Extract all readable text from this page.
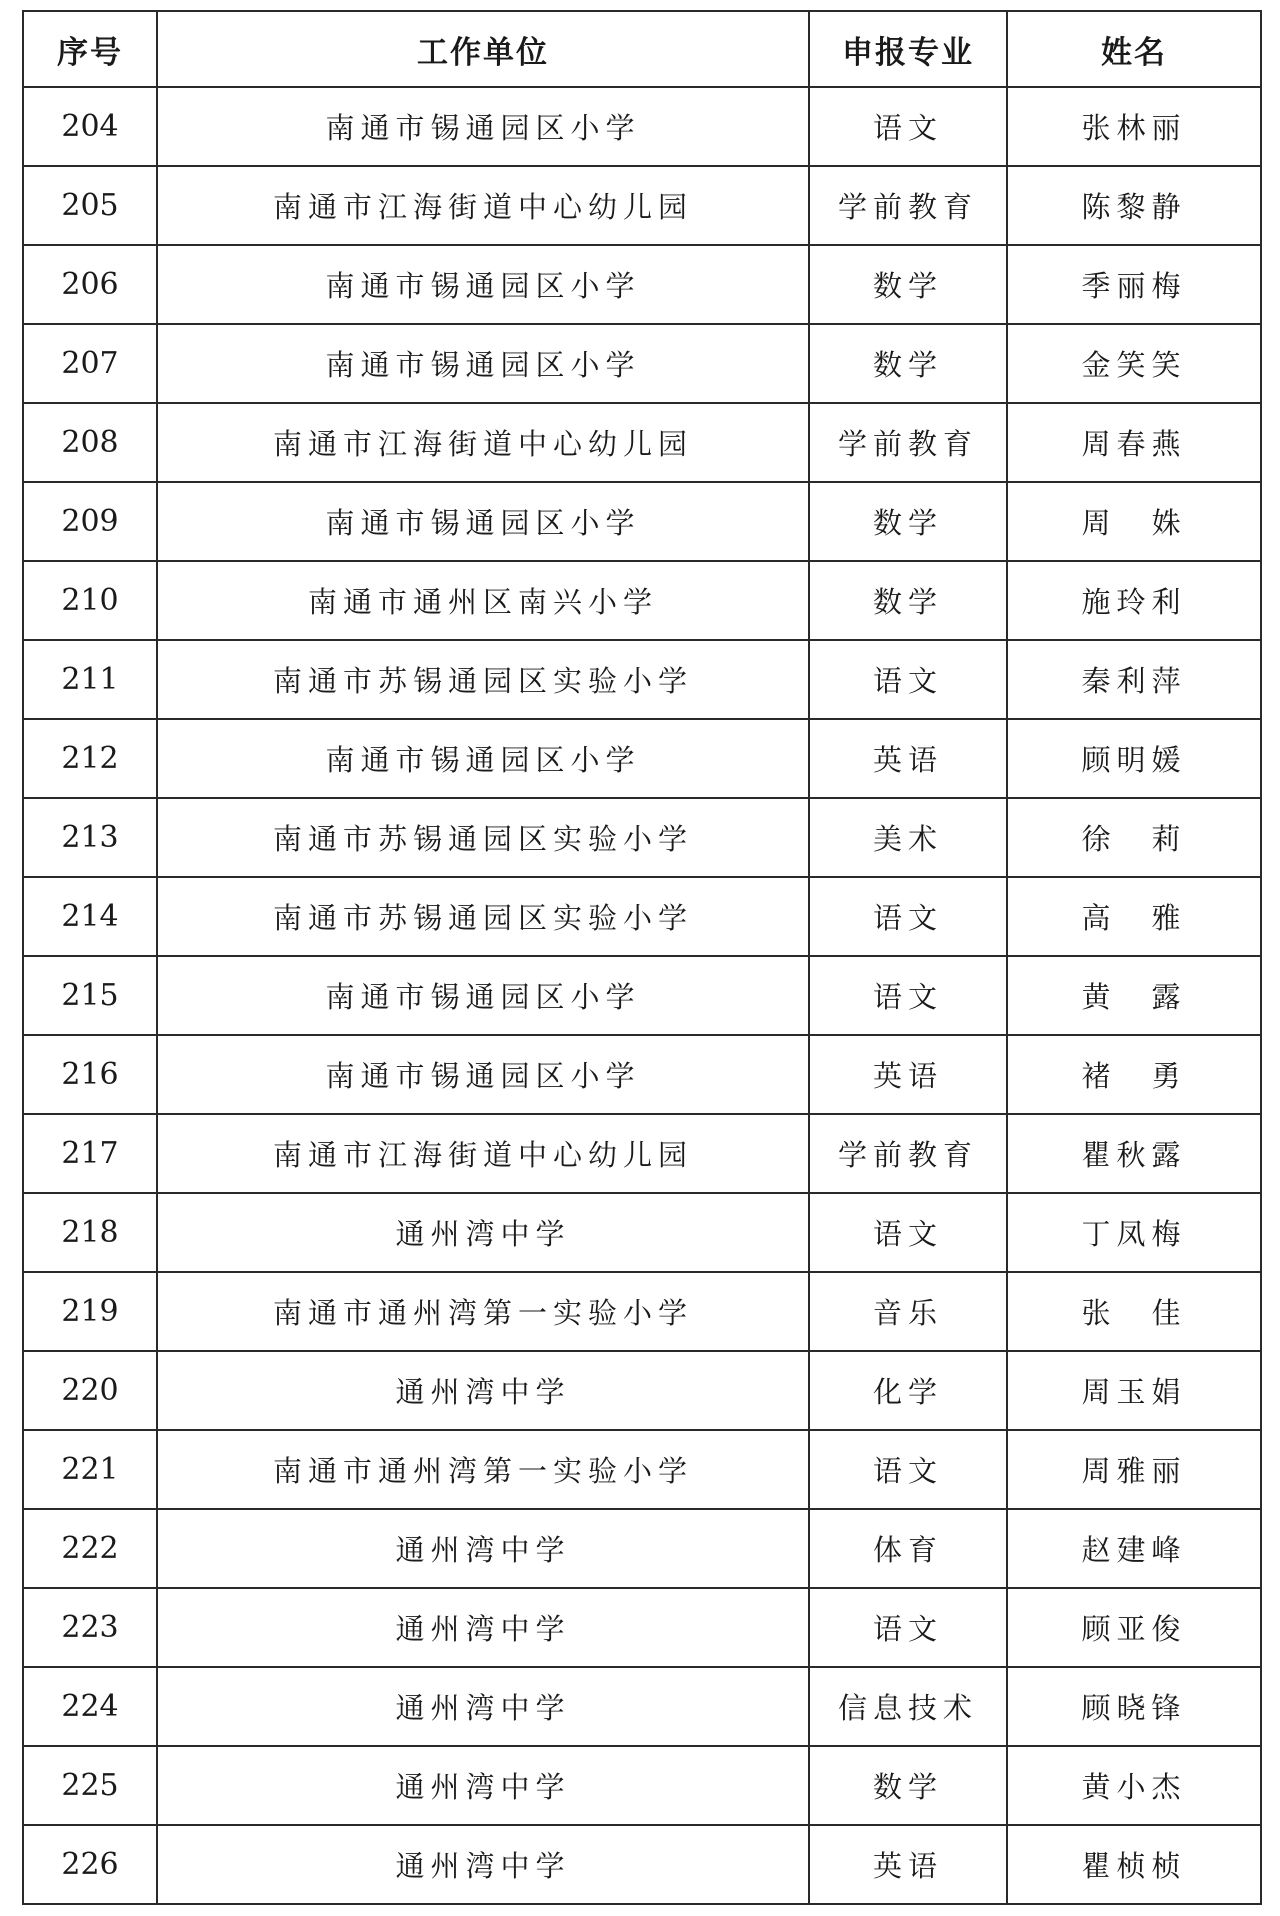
序号	工作单位	申报专业	姓名
204	南通市锡通园区小学	语文	张林丽
205	南通市江海街道中心幼儿园	学前教育	陈黎静
206	南通市锡通园区小学	数学	季丽梅
207	南通市锡通园区小学	数学	金笑笑
208	南通市江海街道中心幼儿园	学前教育	周春燕
209	南通市锡通园区小学	数学	周　姝
210	南通市通州区南兴小学	数学	施玲利
211	南通市苏锡通园区实验小学	语文	秦利萍
212	南通市锡通园区小学	英语	顾明媛
213	南通市苏锡通园区实验小学	美术	徐　莉
214	南通市苏锡通园区实验小学	语文	高　雅
215	南通市锡通园区小学	语文	黄　露
216	南通市锡通园区小学	英语	褚　勇
217	南通市江海街道中心幼儿园	学前教育	瞿秋露
218	通州湾中学	语文	丁凤梅
219	南通市通州湾第一实验小学	音乐	张　佳
220	通州湾中学	化学	周玉娟
221	南通市通州湾第一实验小学	语文	周雅丽
222	通州湾中学	体育	赵建峰
223	通州湾中学	语文	顾亚俊
224	通州湾中学	信息技术	顾晓锋
225	通州湾中学	数学	黄小杰
226	通州湾中学	英语	瞿桢桢
